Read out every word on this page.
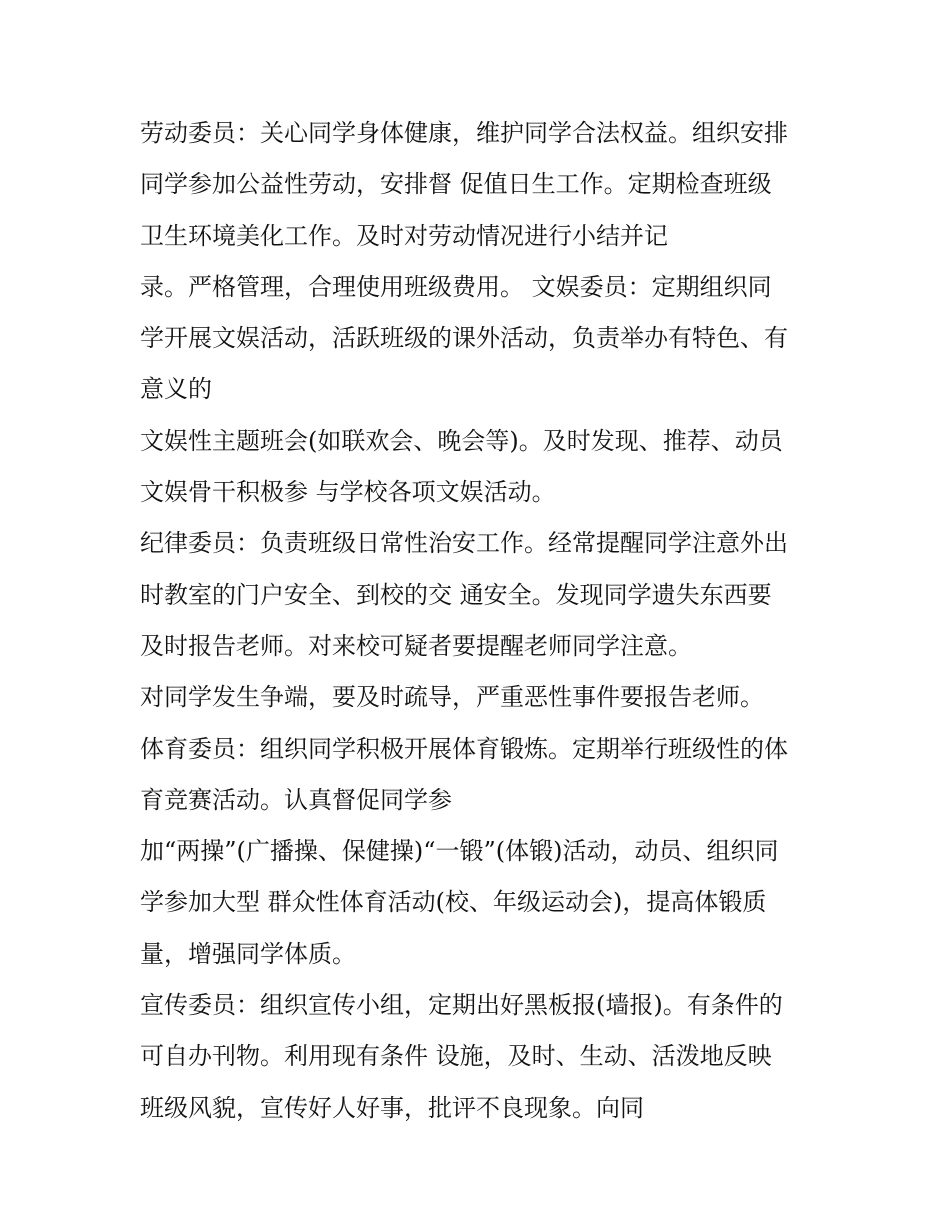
劳动委员：关心同学身体健康，维护同学合法权益。组织安排
同学参加公益性劳动，安排督 促值日生工作。定期检查班级
卫生环境美化工作。及时对劳动情况进行小结并记
录。严格管理，合理使用班级费用。 文娱委员：定期组织同
学开展文娱活动，活跃班级的课外活动，负责举办有特色、有
意义的
文娱性主题班会(如联欢会、晚会等)。及时发现、推荐、动员
文娱骨干积极参 与学校各项文娱活动。
纪律委员：负责班级日常性治安工作。经常提醒同学注意外出
时教室的门户安全、到校的交 通安全。发现同学遗失东西要
及时报告老师。对来校可疑者要提醒老师同学注意。
对同学发生争端，要及时疏导，严重恶性事件要报告老师。
体育委员：组织同学积极开展体育锻炼。定期举行班级性的体
育竞赛活动。认真督促同学参
加“两操”(广播操、保健操)“一锻”(体锻)活动，动员、组织同
学参加大型 群众性体育活动(校、年级运动会)，提高体锻质
量，增强同学体质。
宣传委员：组织宣传小组，定期出好黑板报(墙报)。有条件的
可自办刊物。利用现有条件 设施，及时、生动、活泼地反映
班级风貌，宣传好人好事，批评不良现象。向同
